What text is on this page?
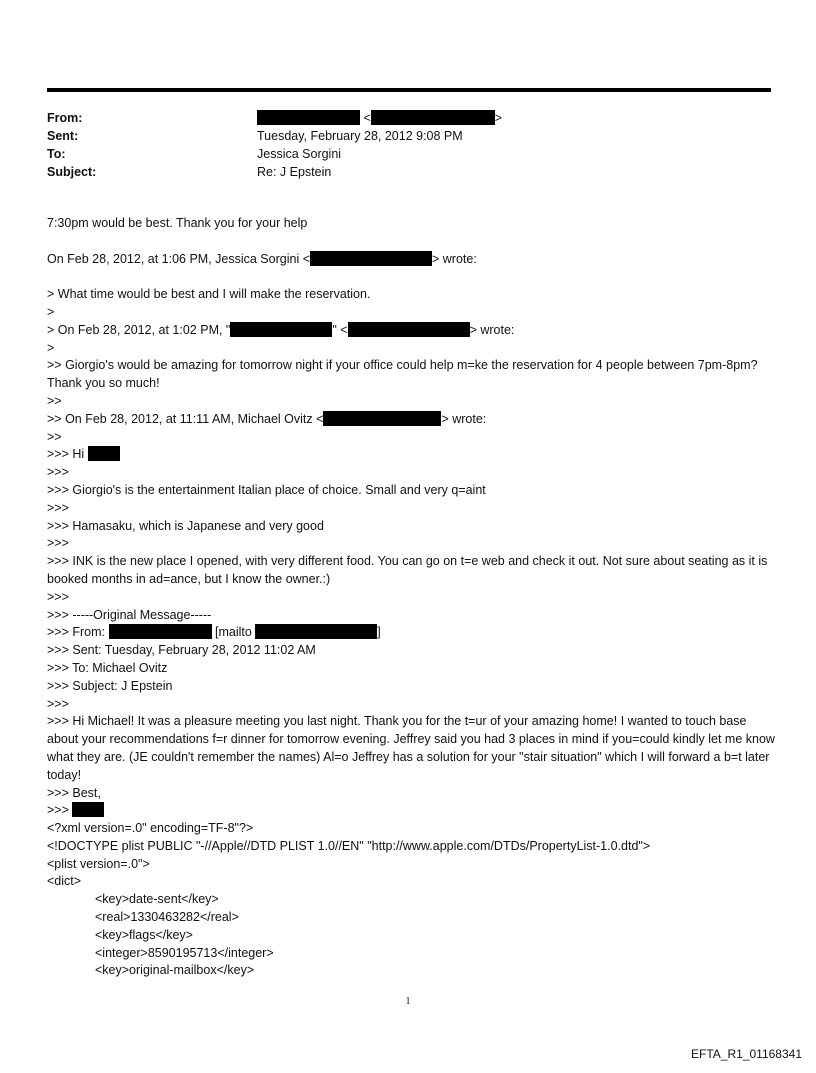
From:	<	>
Sent:	Tuesday, February 28, 2012 9:08 PM
To:	Jessica Sorgini
Subject:	Re: J Epstein
7:30pm would be best. Thank you for your help
On Feb 28, 2012, at 1:06 PM, Jessica Sorgini <	> wrote:
> What time would be best and I will make the reservation.
>
> On Feb 28, 2012, at 1:02 PM, "	" <	> wrote:
>
>> Giorgio's would be amazing for tomorrow night if your office could help m=ke the reservation for 4 people between 7pm-8pm? Thank you so much!
>>
>> On Feb 28, 2012, at 11:11 AM, Michael Ovitz <	> wrote:
>>
>>> Hi
>>>
>>> Giorgio's is the entertainment Italian place of choice. Small and very q=aint
>>>
>>> Hamasaku, which is Japanese and very good
>>>
>>> INK is the new place I opened, with very different food. You can go on t=e web and check it out. Not sure about seating as it is booked months in ad=ance, but I know the owner.:)
>>>
>>> -----Original Message-----
>>> From:	[mailto	]
>>> Sent: Tuesday, February 28, 2012 11:02 AM
>>> To: Michael Ovitz
>>> Subject: J Epstein
>>>
>>> Hi Michael! It was a pleasure meeting you last night. Thank you for the t=ur of your amazing home! I wanted to touch base about your recommendations f=r dinner for tomorrow evening. Jeffrey said you had 3 places in mind if you=could kindly let me know what they are. (JE couldn't remember the names) Al=o Jeffrey has a solution for your "stair situation" which I will forward a b=t later today!
>>> Best,
>>>
<?xml version=.0" encoding=TF-8"?>
<!DOCTYPE plist PUBLIC "-//Apple//DTD PLIST 1.0//EN" "http://www.apple.com/DTDs/PropertyList-1.0.dtd">
<plist version=.0">
<dict>
<key>date-sent</key>
<real>1330463282</real>
<key>flags</key>
<integer>8590195713</integer>
<key>original-mailbox</key>
1
EFTA_R1_01168341
